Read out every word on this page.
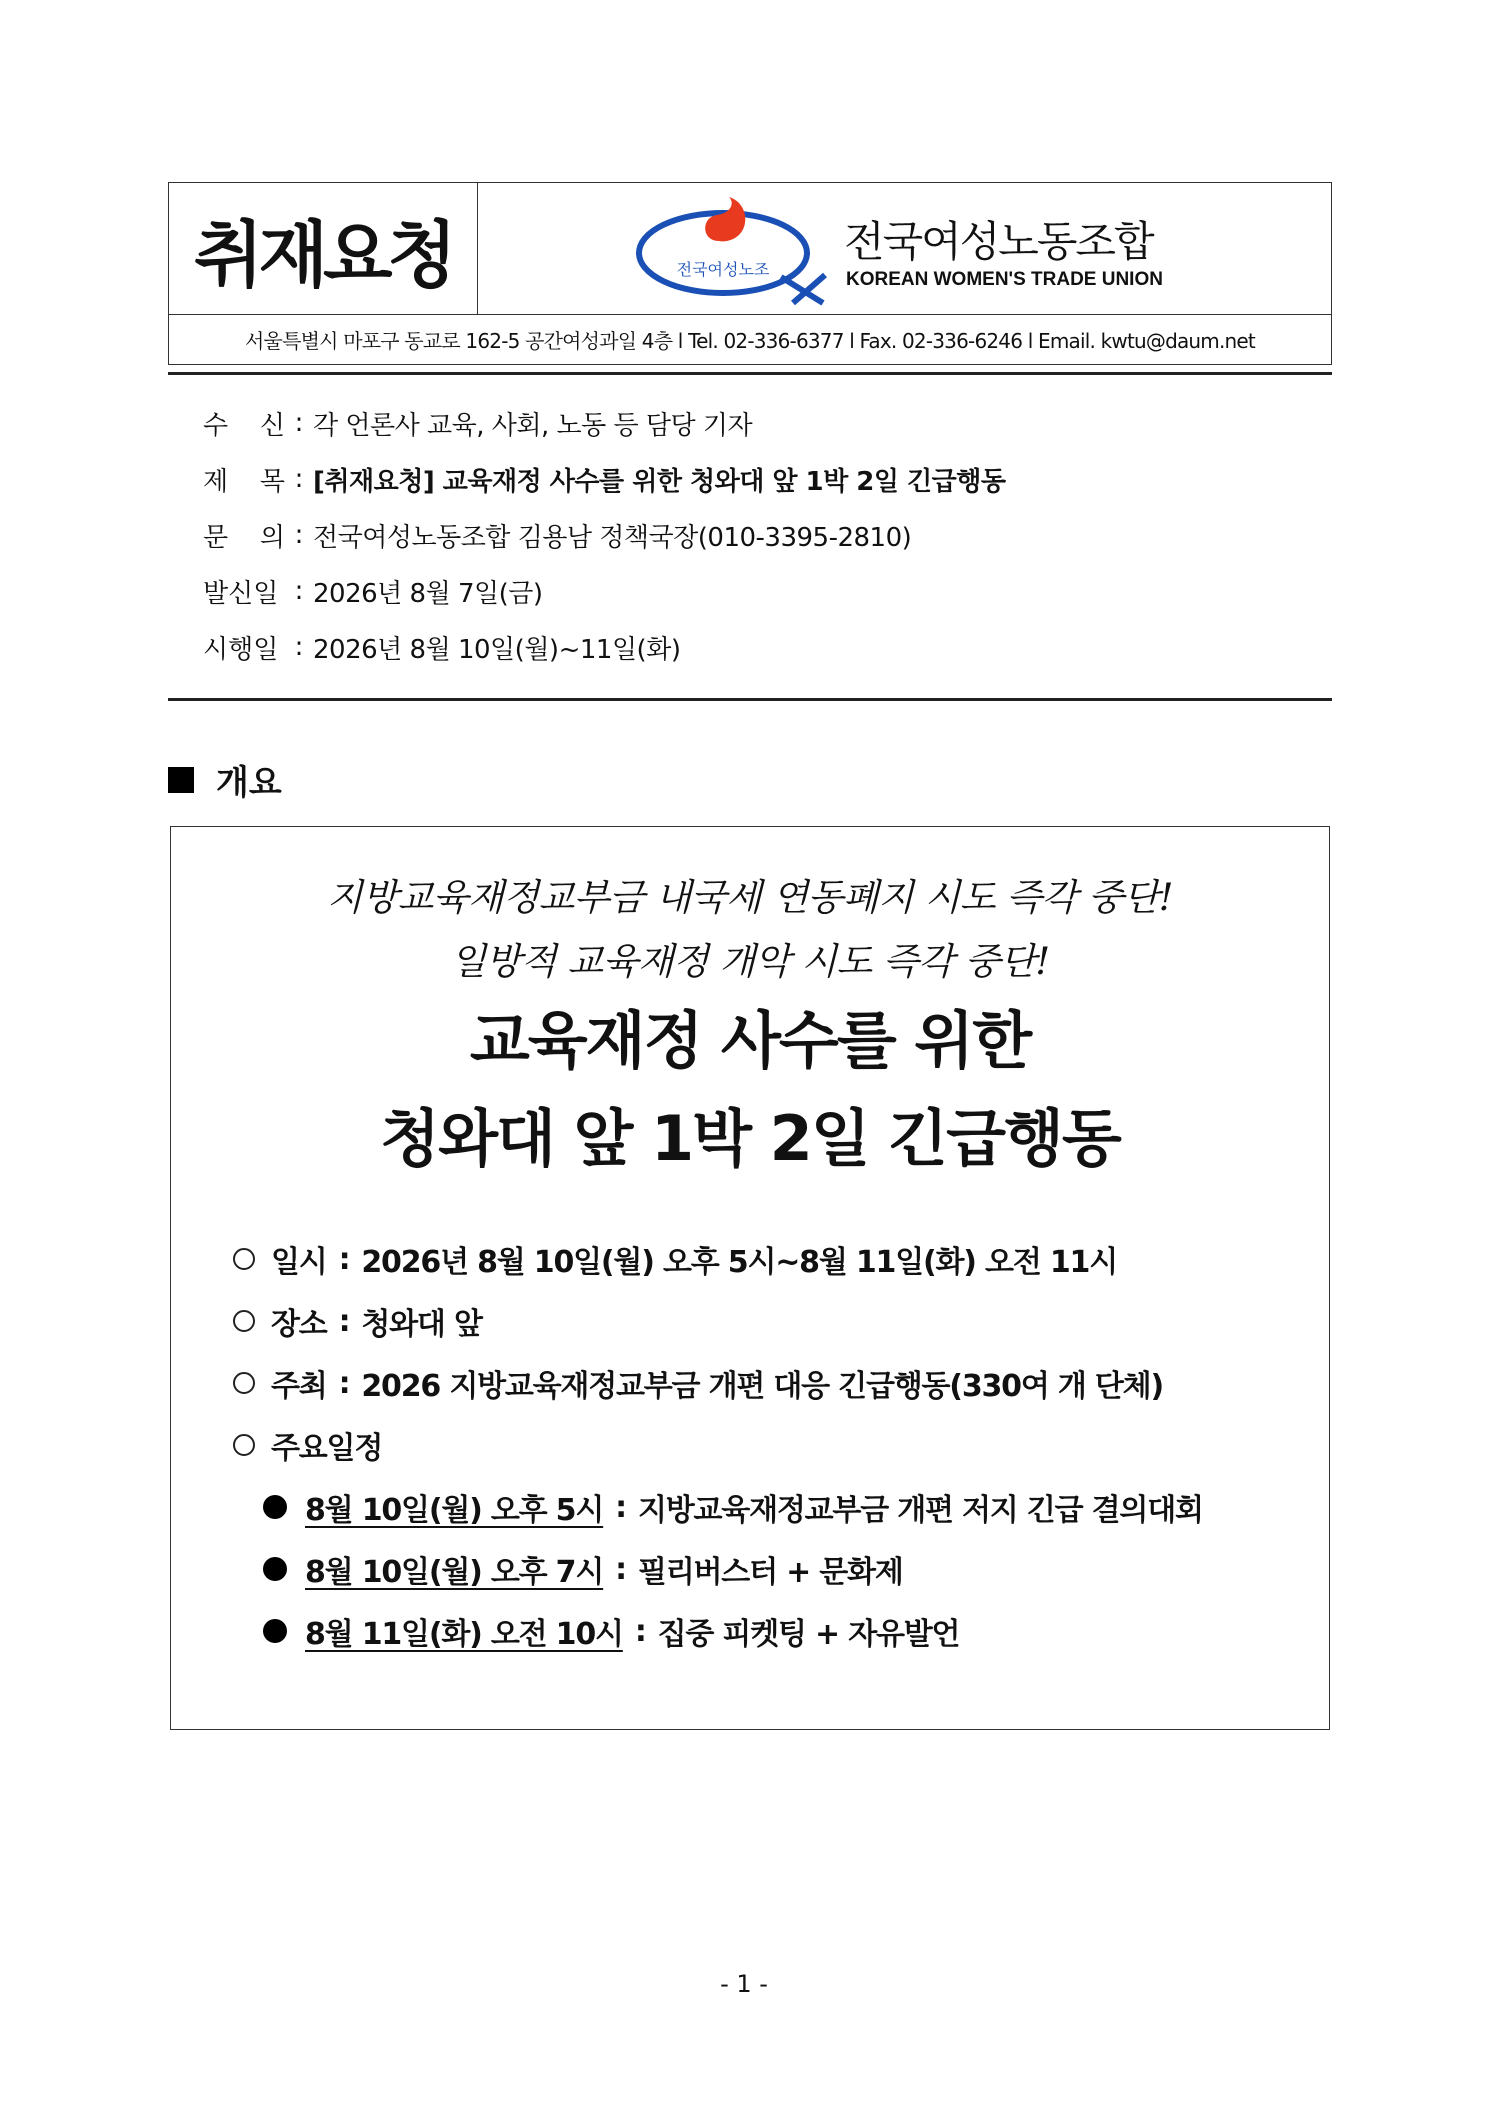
취재요청	전국여성노조
전국여성노동조합
KOREAN WOMEN'S TRADE UNION
서울특별시 마포구 동교로 162-5 공간여성과일 4층 l Tel. 02-336-6377 l Fax. 02-336-6246 l Email. kwtu@daum.net
수 신 : 각 언론사 교육, 사회, 노동 등 담당 기자
제 목 : [취재요청] 교육재정 사수를 위한 청와대 앞 1박 2일 긴급행동
문 의 : 전국여성노동조합 김용남 정책국장(010-3395-2810)
발신일 : 2026년 8월 7일(금)
시행일 : 2026년 8월 10일(월)~11일(화)
개요
지방교육재정교부금 내국세 연동폐지 시도 즉각 중단!
일방적 교육재정 개악 시도 즉각 중단!
교육재정 사수를 위한
청와대 앞 1박 2일 긴급행동
일시 : 2026년 8월 10일(월) 오후 5시~8월 11일(화) 오전 11시
장소 : 청와대 앞
주최 : 2026 지방교육재정교부금 개편 대응 긴급행동(330여 개 단체)
주요일정
8월 10일(월) 오후 5시 : 지방교육재정교부금 개편 저지 긴급 결의대회
8월 10일(월) 오후 7시 : 필리버스터 + 문화제
8월 11일(화) 오전 10시 : 집중 피켓팅 + 자유발언
- 1 -
